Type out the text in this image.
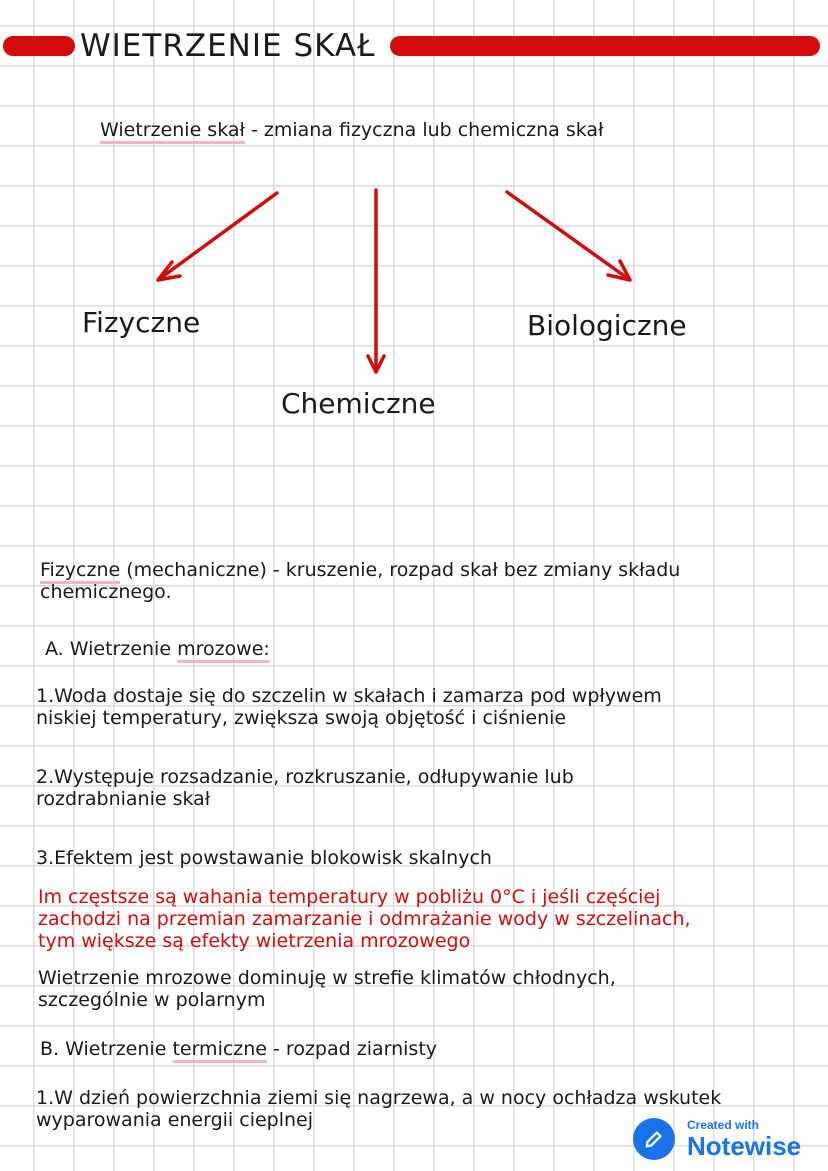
WIETRZENIE SKAŁ
Wietrzenie skał - zmiana fizyczna lub chemiczna skał
Fizyczne
Chemiczne
Biologiczne
Fizyczne (mechaniczne) - kruszenie, rozpad skał bez zmiany składu
chemicznego.
A. Wietrzenie mrozowe:
1.Woda dostaje się do szczelin w skałach i zamarza pod wpływem
niskiej temperatury, zwiększa swoją objętość i ciśnienie
2.Występuje rozsadzanie, rozkruszanie, odłupywanie lub
rozdrabnianie skał
3.Efektem jest powstawanie blokowisk skalnych
Im częstsze są wahania temperatury w pobliżu 0°C i jeśli częściej
zachodzi na przemian zamarzanie i odmrażanie wody w szczelinach,
tym większe są efekty wietrzenia mrozowego
Wietrzenie mrozowe dominuję w strefie klimatów chłodnych,
szczególnie w polarnym
B. Wietrzenie termiczne - rozpad ziarnisty
1.W dzień powierzchnia ziemi się nagrzewa, a w nocy ochładza wskutek
wyparowania energii cieplnej	Created with
Notewise
